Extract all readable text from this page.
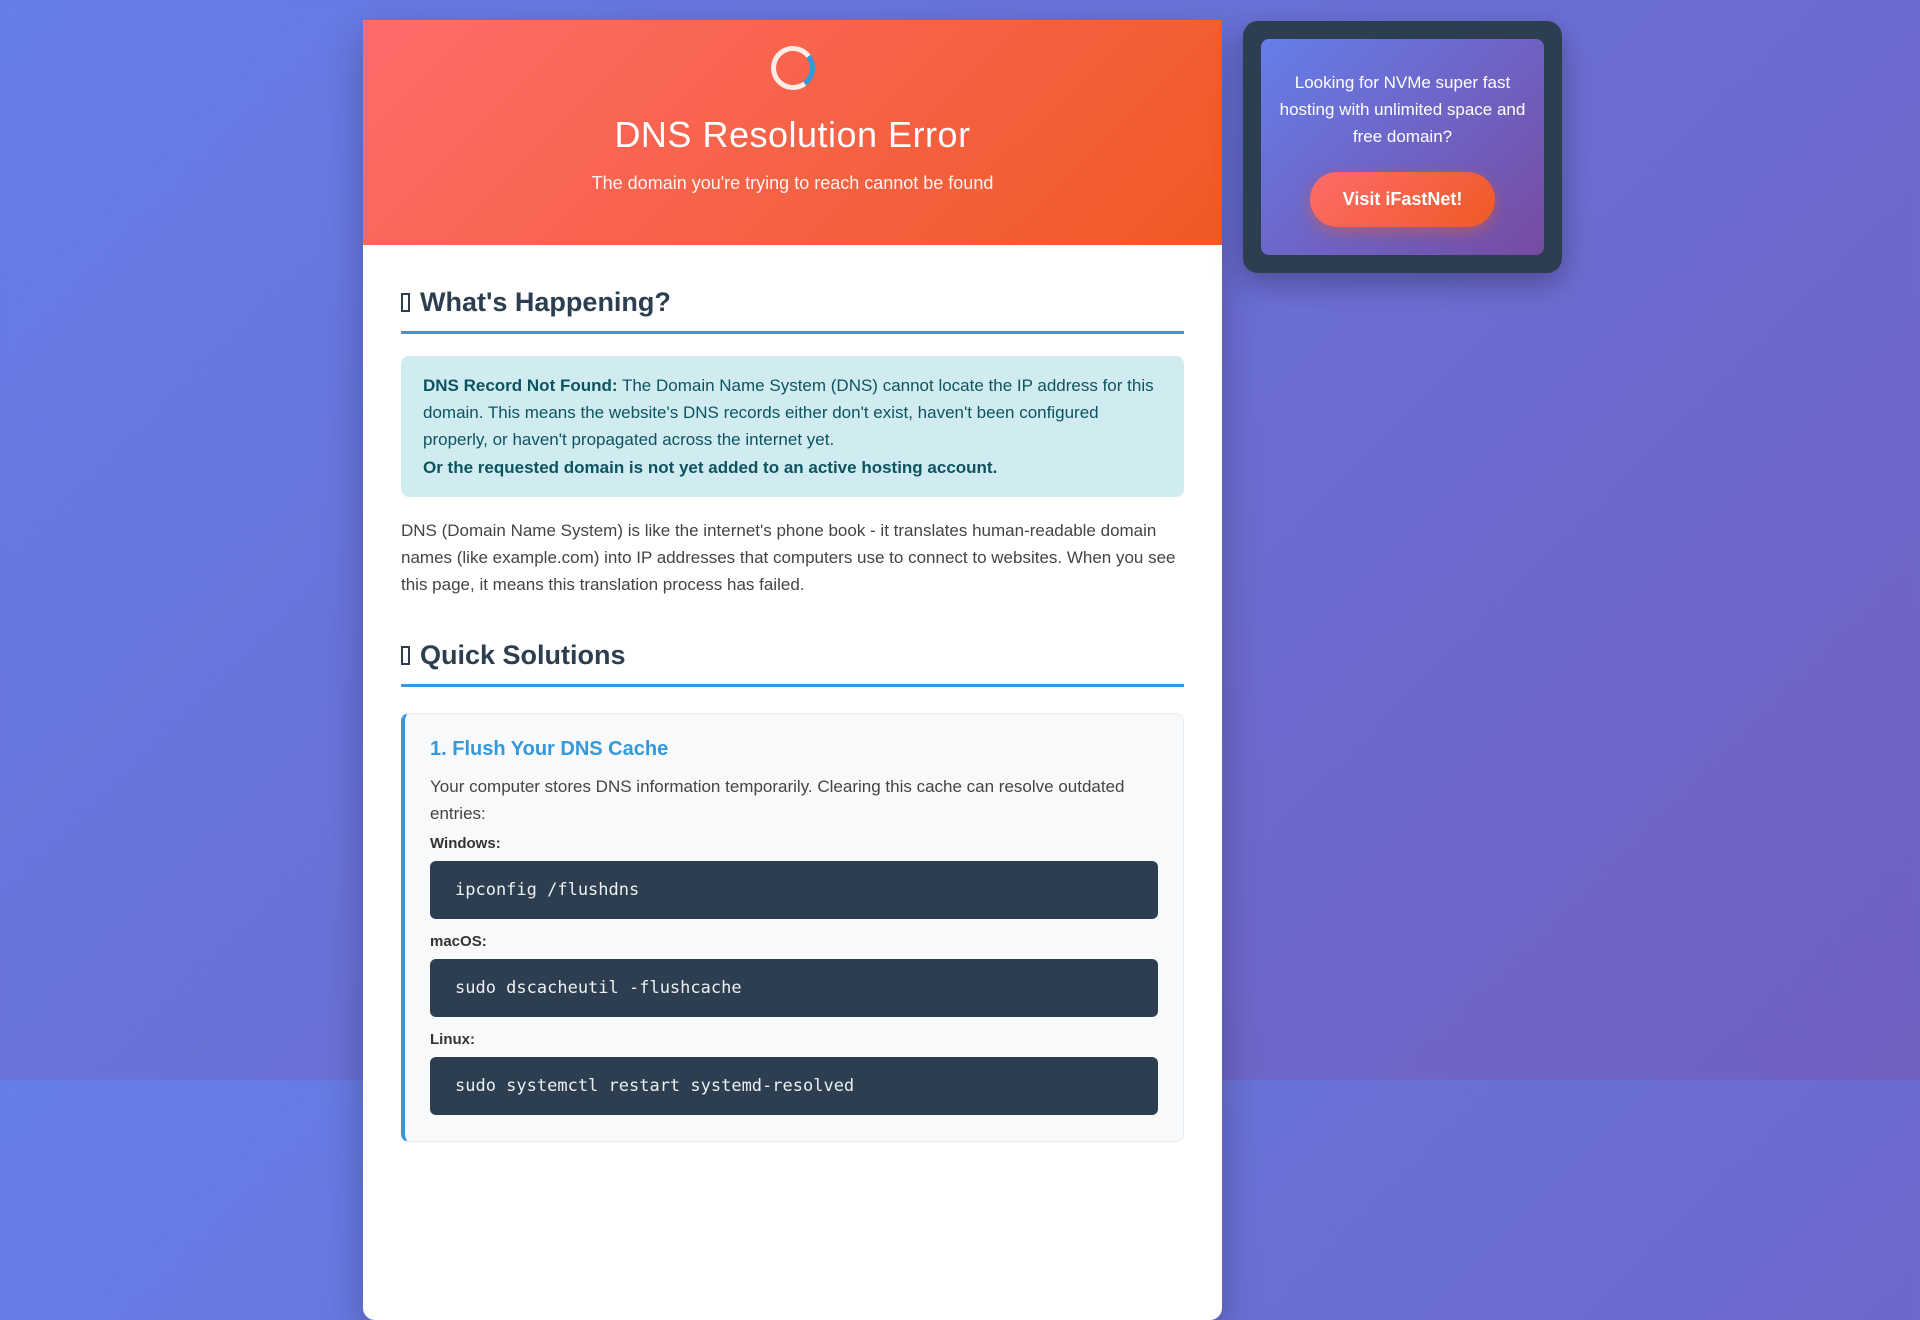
DNS Resolution Error
The domain you're trying to reach cannot be found
What's Happening?
DNS Record Not Found: The Domain Name System (DNS) cannot locate the IP address for this domain. This means the website's DNS records either don't exist, haven't been configured properly, or haven't propagated across the internet yet.
Or the requested domain is not yet added to an active hosting account.

DNS (Domain Name System) is like the internet's phone book - it translates human-readable domain names (like example.com) into IP addresses that computers use to connect to websites. When you see this page, it means this translation process has failed.

Quick Solutions
1. Flush Your DNS Cache

Your computer stores DNS information temporarily. Clearing this cache can resolve outdated entries:

Windows:

ipconfig /flushdns

macOS:

sudo dscacheutil -flushcache

Linux:

sudo systemctl restart systemd-resolved

Looking for NVMe super fast hosting with unlimited space and free domain?

Visit iFastNet!
